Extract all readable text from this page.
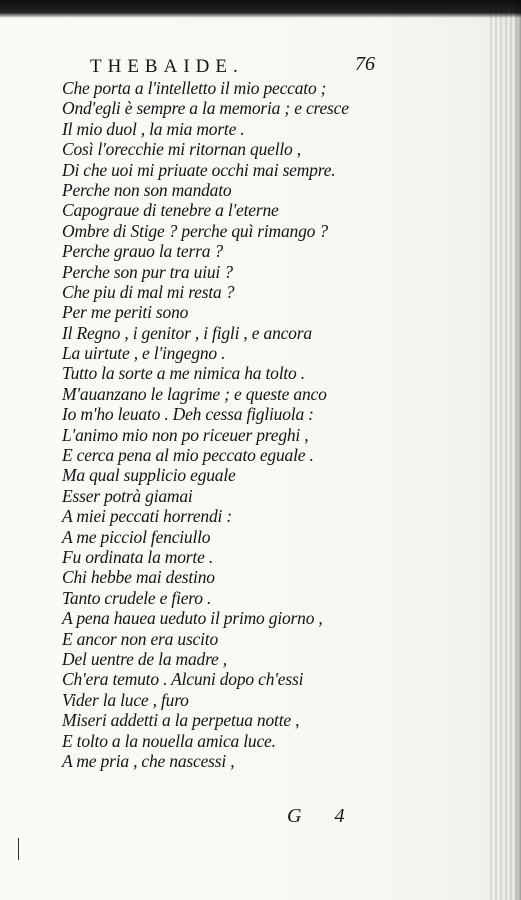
THEBAIDE.	76
Che porta a l'intelletto il mio peccato ;
Ond'egli è sempre a la memoria ; e cresce
Il mio duol , la mia morte .
Così l'orecchie mi ritornan quello ,
Di che uoi mi priuate occhi mai sempre.
Perche non son mandato
Capograue di tenebre a l'eterne
Ombre di Stige ? perche quì rimango ?
Perche grauo la terra ?
Perche son pur tra uiui ?
Che piu di mal mi resta ?
Per me periti sono
Il Regno , i genitor , i figli , e ancora
La uirtute , e l'ingegno .
Tutto la sorte a me nimica ha tolto .
M'auanzano le lagrime ; e queste anco
Io m'ho leuato . Deh cessa figliuola :
L'animo mio non po riceuer preghi ,
E cerca pena al mio peccato eguale .
Ma qual supplicio eguale
Esser potrà giamai
A miei peccati horrendi :
A me picciol fenciullo
Fu ordinata la morte .
Chi hebbe mai destino
Tanto crudele e fiero .
A pena hauea ueduto il primo giorno ,
E ancor non era uscito
Del uentre de la madre ,
Ch'era temuto . Alcuni dopo ch'essi
Vider la luce , furo
Miseri addetti a la perpetua notte ,
E tolto a la nouella amica luce.
A me pria , che nascessi ,
G 4
